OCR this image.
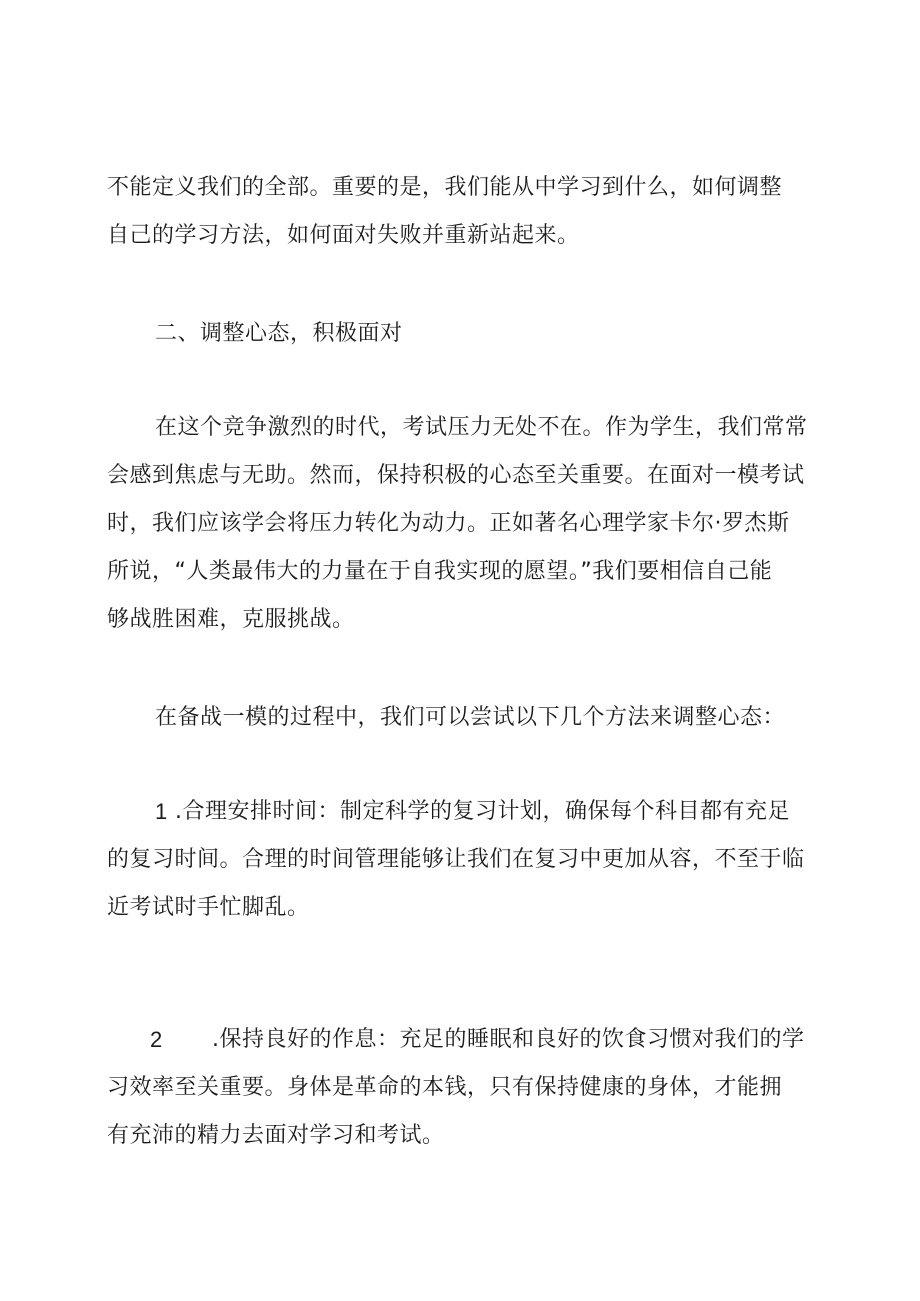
不能定义我们的全部。重要的是，我们能从中学习到什么，如何调整
自己的学习方法，如何面对失败并重新站起来。
二、调整心态，积极面对
在这个竞争激烈的时代，考试压力无处不在。作为学生，我们常常
会感到焦虑与无助。然而，保持积极的心态至关重要。在面对一模考试
时，我们应该学会将压力转化为动力。正如著名心理学家卡尔·罗杰斯
所说，“人类最伟大的力量在于自我实现的愿望。”我们要相信自己能
够战胜困难，克服挑战。
在备战一模的过程中，我们可以尝试以下几个方法来调整心态：
1 .合理安排时间：制定科学的复习计划，确保每个科目都有充足
的复习时间。合理的时间管理能够让我们在复习中更加从容，不至于临
近考试时手忙脚乱。
2 .保持良好的作息：充足的睡眠和良好的饮食习惯对我们的学
习效率至关重要。身体是革命的本钱，只有保持健康的身体，才能拥
有充沛的精力去面对学习和考试。
